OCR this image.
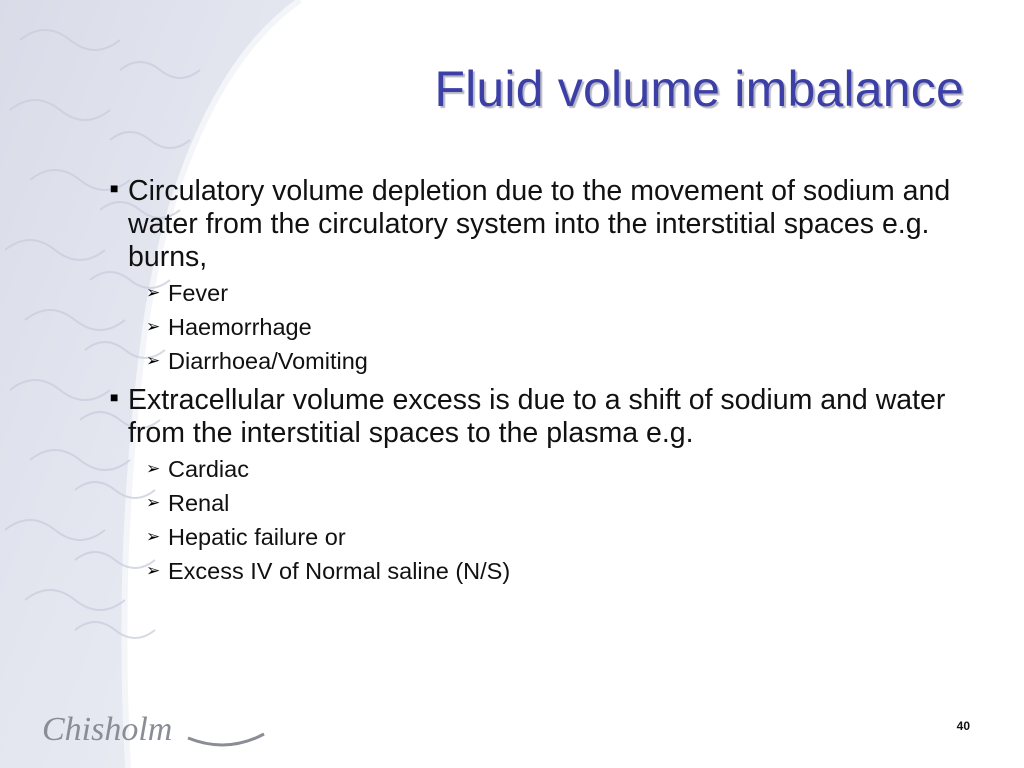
Fluid volume imbalance
■ Circulatory volume depletion due to the movement of sodium and water from the circulatory system into the interstitial spaces e.g. burns,
➢ Fever
➢ Haemorrhage
➢ Diarrhoea/Vomiting
■ Extracellular volume excess is due to a shift of sodium and water from the interstitial spaces to the plasma e.g.
➢ Cardiac
➢ Renal
➢ Hepatic failure or
➢ Excess IV of Normal saline (N/S)
Chisholm	40
